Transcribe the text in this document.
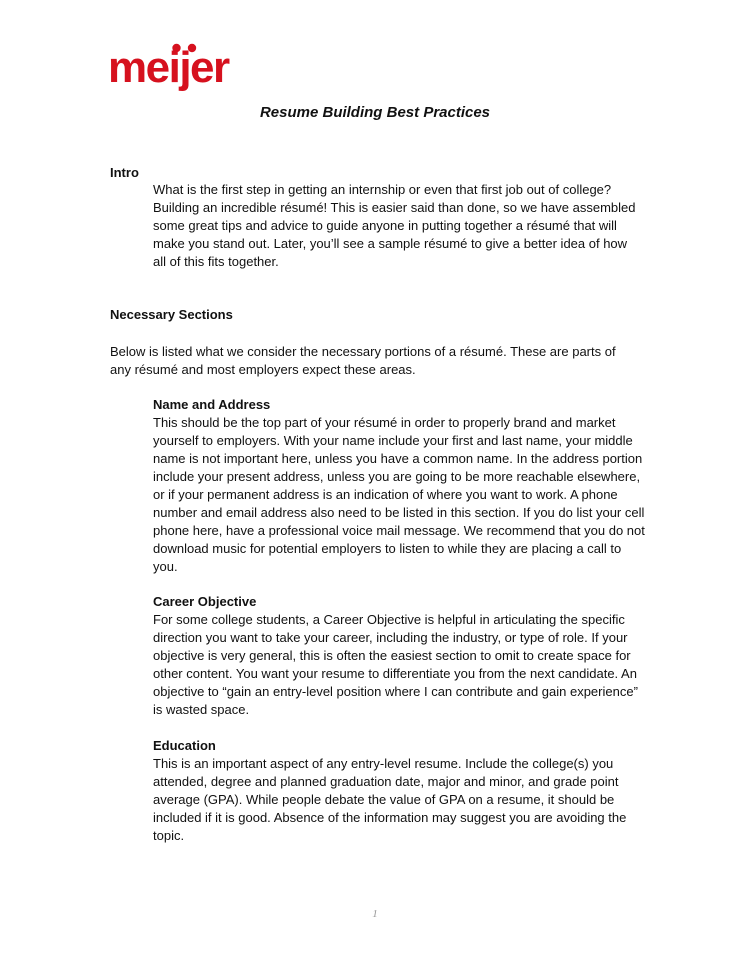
meijer
Resume Building Best Practices
Intro

What is the first step in getting an internship or even that first job out of college? Building an incredible résumé! This is easier said than done, so we have assembled some great tips and advice to guide anyone in putting together a résumé that will make you stand out. Later, you’ll see a sample résumé to give a better idea of how all of this fits together.

Necessary Sections

Below is listed what we consider the necessary portions of a résumé. These are parts of any résumé and most employers expect these areas.

Name and Address

This should be the top part of your résumé in order to properly brand and market yourself to employers. With your name include your first and last name, your middle name is not important here, unless you have a common name. In the address portion include your present address, unless you are going to be more reachable elsewhere, or if your permanent address is an indication of where you want to work. A phone number and email address also need to be listed in this section. If you do list your cell phone here, have a professional voice mail message. We recommend that you do not download music for potential employers to listen to while they are placing a call to you.

Career Objective

For some college students, a Career Objective is helpful in articulating the specific direction you want to take your career, including the industry, or type of role. If your objective is very general, this is often the easiest section to omit to create space for other content. You want your resume to differentiate you from the next candidate. An objective to “gain an entry-level position where I can contribute and gain experience” is wasted space.

Education

This is an important aspect of any entry-level resume. Include the college(s) you attended, degree and planned graduation date, major and minor, and grade point average (GPA). While people debate the value of GPA on a resume, it should be included if it is good. Absence of the information may suggest you are avoiding the topic.

1
